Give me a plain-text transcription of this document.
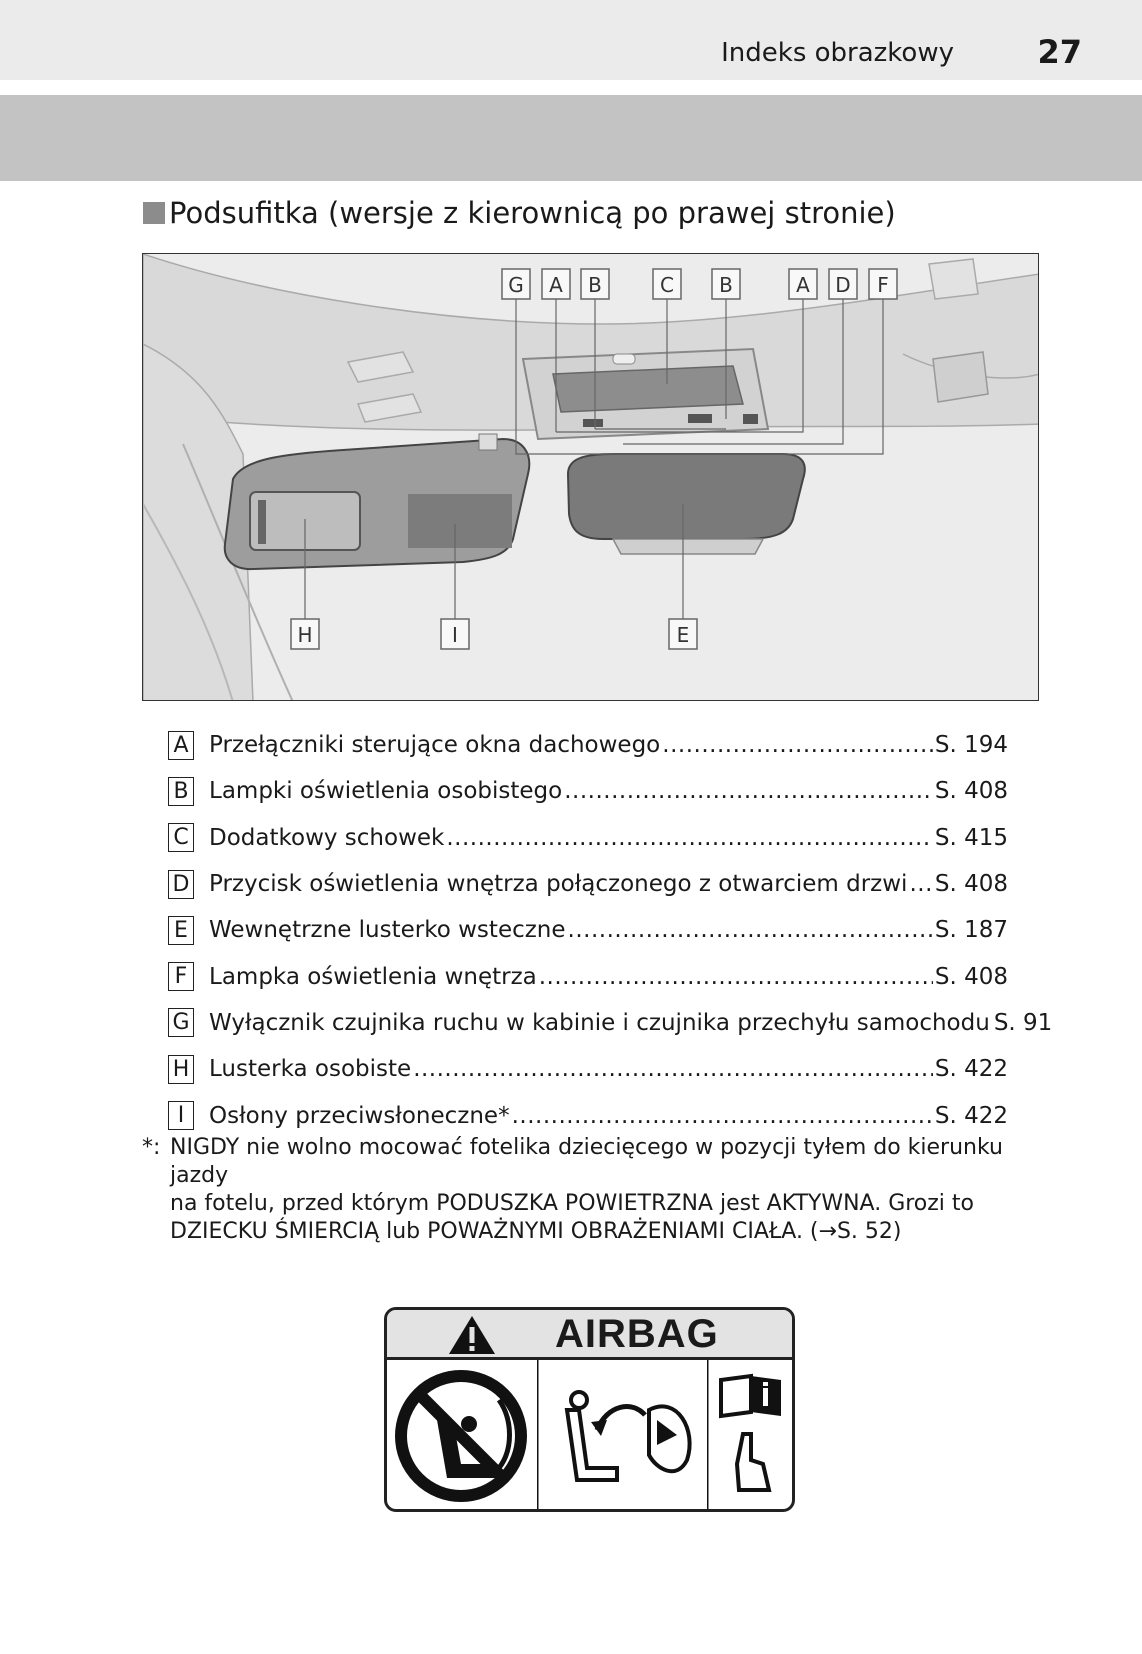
Indeks obrazkowy	27
Podsufitka (wersje z kierownicą po prawej stronie)
G A B	C B	A D F
H	I	E
A Przełączniki sterujące okna dachowego .....	S. 194
B Lampki oświetlenia osobistego .....	S. 408
C Dodatkowy schowek .....	S. 415
D Przycisk oświetlenia wnętrza połączonego z otwarciem drzwi ..... S. 408
E Wewnętrzne lusterko wsteczne .....	S. 187
F Lampka oświetlenia wnętrza .....	S. 408
G Wyłącznik czujnika ruchu w kabinie i czujnika przechyłu samochodu S. 91
H Lusterka osobiste .....	S. 422
I	Osłony przeciwsłoneczne* .....	S. 422
*: NIGDY nie wolno mocować fotelika dziecięcego w pozycji tyłem do kierunku jazdy
na fotelu, przed którym PODUSZKA POWIETRZNA jest AKTYWNA. Grozi to
DZIECKU ŚMIERCIĄ lub POWAŻNYMI OBRAŻENIAMI CIAŁA. (→S. 52)
AIRBAG
